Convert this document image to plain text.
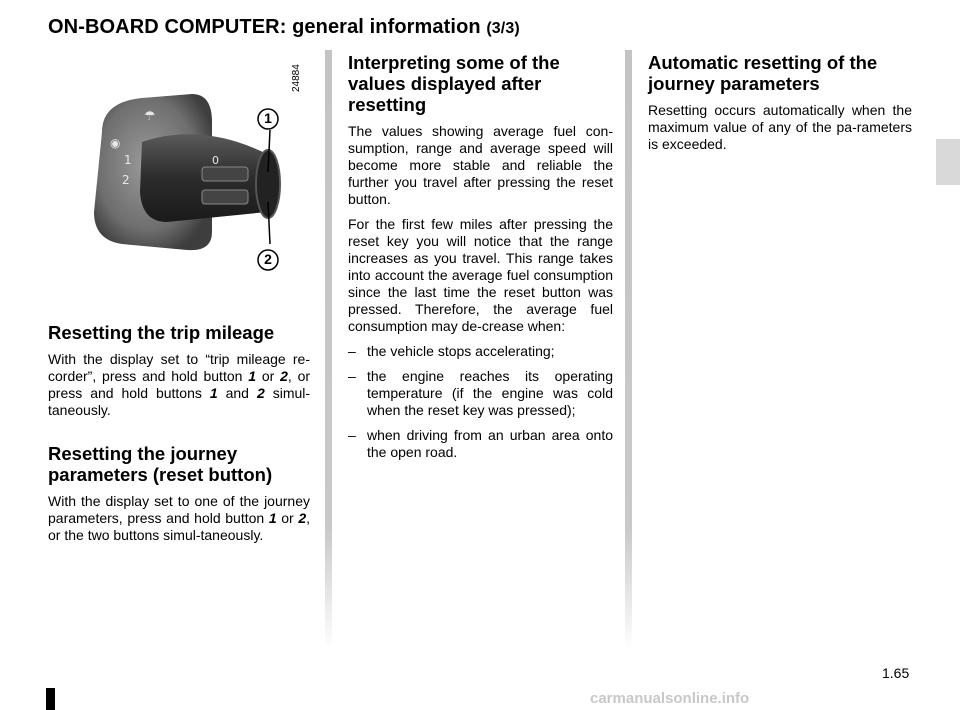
ON-BOARD COMPUTER: general information (3/3)
24884
◉
1
2
0
☂	1
2
Resetting the trip mileage

With the display set to “trip mileage re-corder”, press and hold button 1 or 2, or press and hold buttons 1 and 2 simul-taneously.

Resetting the journey parameters (reset button)

With the display set to one of the journey parameters, press and hold button 1 or 2, or the two buttons simul-taneously.

Interpreting some of the values displayed after resetting

The values showing average fuel con-sumption, range and average speed will become more stable and reliable the further you travel after pressing the reset button.

For the first few miles after pressing the reset key you will notice that the range increases as you travel. This range takes into account the average fuel consumption since the last time the reset button was pressed. Therefore, the average fuel consumption may de-crease when:

– the vehicle stops accelerating;
– the engine reaches its operating temperature (if the engine was cold when the reset key was pressed);
– when driving from an urban area onto the open road.
Automatic resetting of the journey parameters

Resetting occurs automatically when the maximum value of any of the pa-rameters is exceeded.

1.65
carmanualsonline.info
